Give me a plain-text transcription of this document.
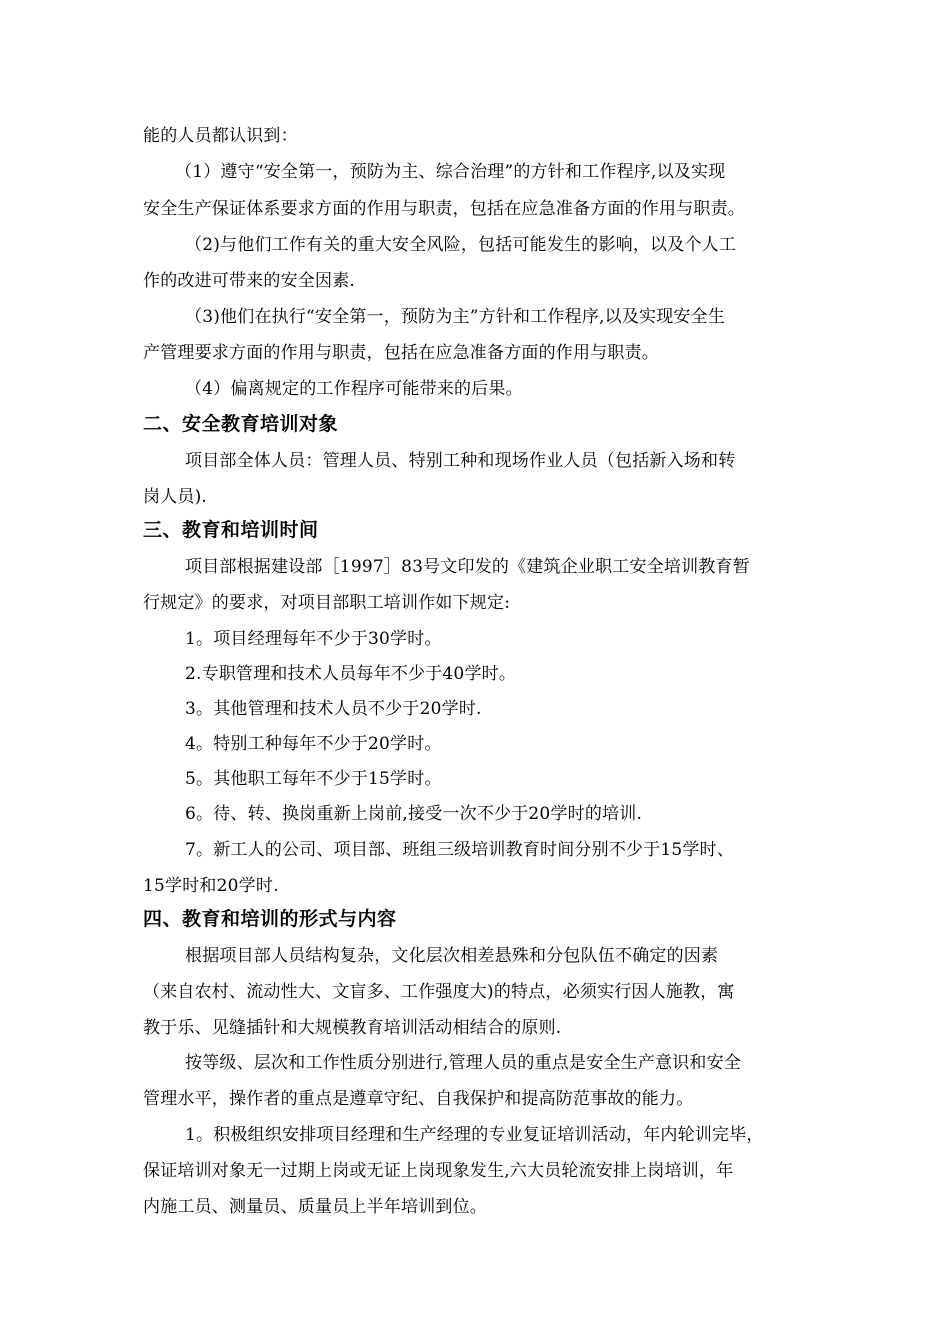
能的人员都认识到：
（1）遵守“安全第一，预防为主、综合治理”的方针和工作程序,以及实现
安全生产保证体系要求方面的作用与职责，包括在应急准备方面的作用与职责。
（2)与他们工作有关的重大安全风险，包括可能发生的影响，以及个人工
作的改进可带来的安全因素.
（3)他们在执行“安全第一，预防为主”方针和工作程序,以及实现安全生
产管理要求方面的作用与职责，包括在应急准备方面的作用与职责。
（4）偏离规定的工作程序可能带来的后果。
二、安全教育培训对象
项目部全体人员：管理人员、特别工种和现场作业人员（包括新入场和转
岗人员).
三、教育和培训时间
项目部根据建设部［1997］83号文印发的《建筑企业职工安全培训教育暂
行规定》的要求，对项目部职工培训作如下规定:
1。项目经理每年不少于30学时。
2.专职管理和技术人员每年不少于40学时。
3。其他管理和技术人员不少于20学时.
4。特别工种每年不少于20学时。
5。其他职工每年不少于15学时。
6。待、转、换岗重新上岗前,接受一次不少于20学时的培训.
7。新工人的公司、项目部、班组三级培训教育时间分别不少于15学时、
15学时和20学时.
四、教育和培训的形式与内容
根据项目部人员结构复杂，文化层次相差悬殊和分包队伍不确定的因素
（来自农村、流动性大、文盲多、工作强度大)的特点，必须实行因人施教，寓
教于乐、见缝插针和大规模教育培训活动相结合的原则.
按等级、层次和工作性质分别进行,管理人员的重点是安全生产意识和安全
管理水平，操作者的重点是遵章守纪、自我保护和提高防范事故的能力。
1。积极组织安排项目经理和生产经理的专业复证培训活动，年内轮训完毕，
保证培训对象无一过期上岗或无证上岗现象发生,六大员轮流安排上岗培训，年
内施工员、测量员、质量员上半年培训到位。
